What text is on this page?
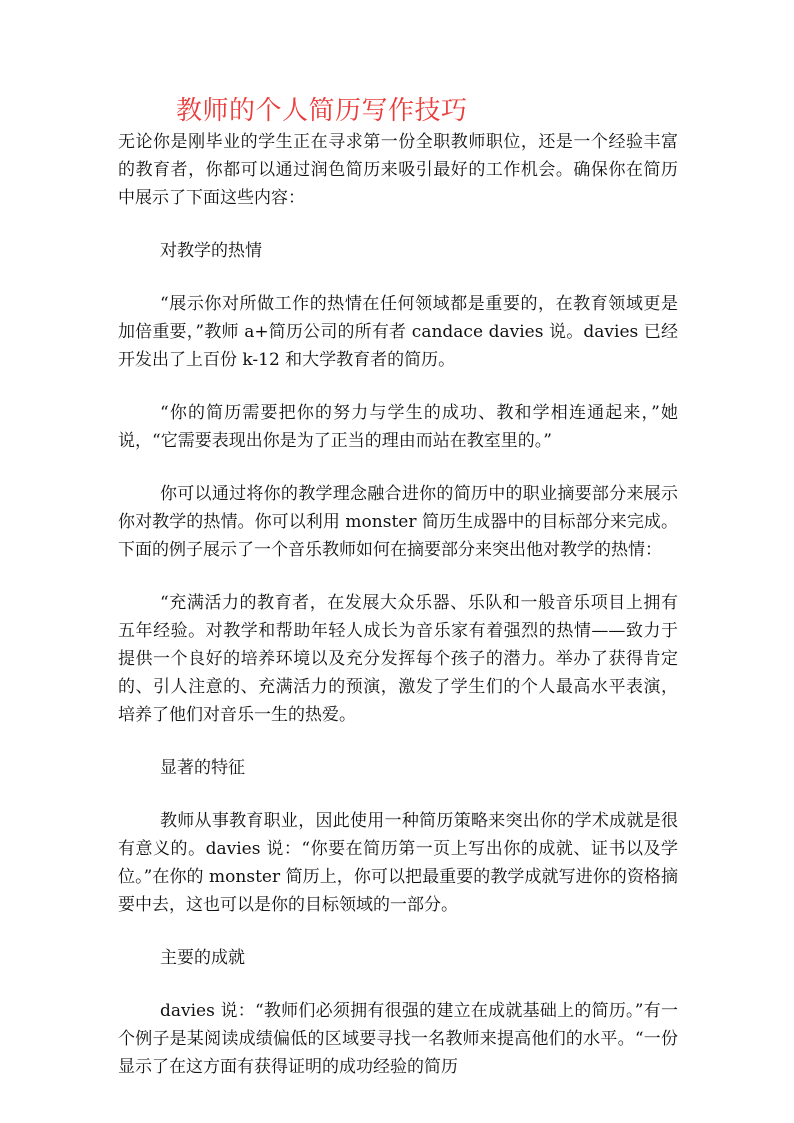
教师的个人简历写作技巧

无论你是刚毕业的学生正在寻求第一份全职教师职位，还是一个经验丰富的教育者，你都可以通过润色简历来吸引最好的工作机会。确保你在简历中展示了下面这些内容：

对教学的热情

“展示你对所做工作的热情在任何领域都是重要的，在教育领域更是加倍重要，”教师 a+简历公司的所有者 candace davies 说。davies 已经开发出了上百份 k-12 和大学教育者的简历。

“你的简历需要把你的努力与学生的成功、教和学相连通起来，”她说，“它需要表现出你是为了正当的理由而站在教室里的。”

你可以通过将你的教学理念融合进你的简历中的职业摘要部分来展示你对教学的热情。你可以利用 monster 简历生成器中的目标部分来完成。下面的例子展示了一个音乐教师如何在摘要部分来突出他对教学的热情：

“充满活力的教育者，在发展大众乐器、乐队和一般音乐项目上拥有五年经验。对教学和帮助年轻人成长为音乐家有着强烈的热情——致力于提供一个良好的培养环境以及充分发挥每个孩子的潜力。举办了获得肯定的、引人注意的、充满活力的预演，激发了学生们的个人最高水平表演，培养了他们对音乐一生的热爱。

显著的特征

教师从事教育职业，因此使用一种简历策略来突出你的学术成就是很有意义的。davies 说：“你要在简历第一页上写出你的成就、证书以及学位。”在你的 monster 简历上，你可以把最重要的教学成就写进你的资格摘要中去，这也可以是你的目标领域的一部分。

主要的成就

davies 说：“教师们必须拥有很强的建立在成就基础上的简历。”有一个例子是某阅读成绩偏低的区域要寻找一名教师来提高他们的水平。“一份显示了在这方面有获得证明的成功经验的简历
